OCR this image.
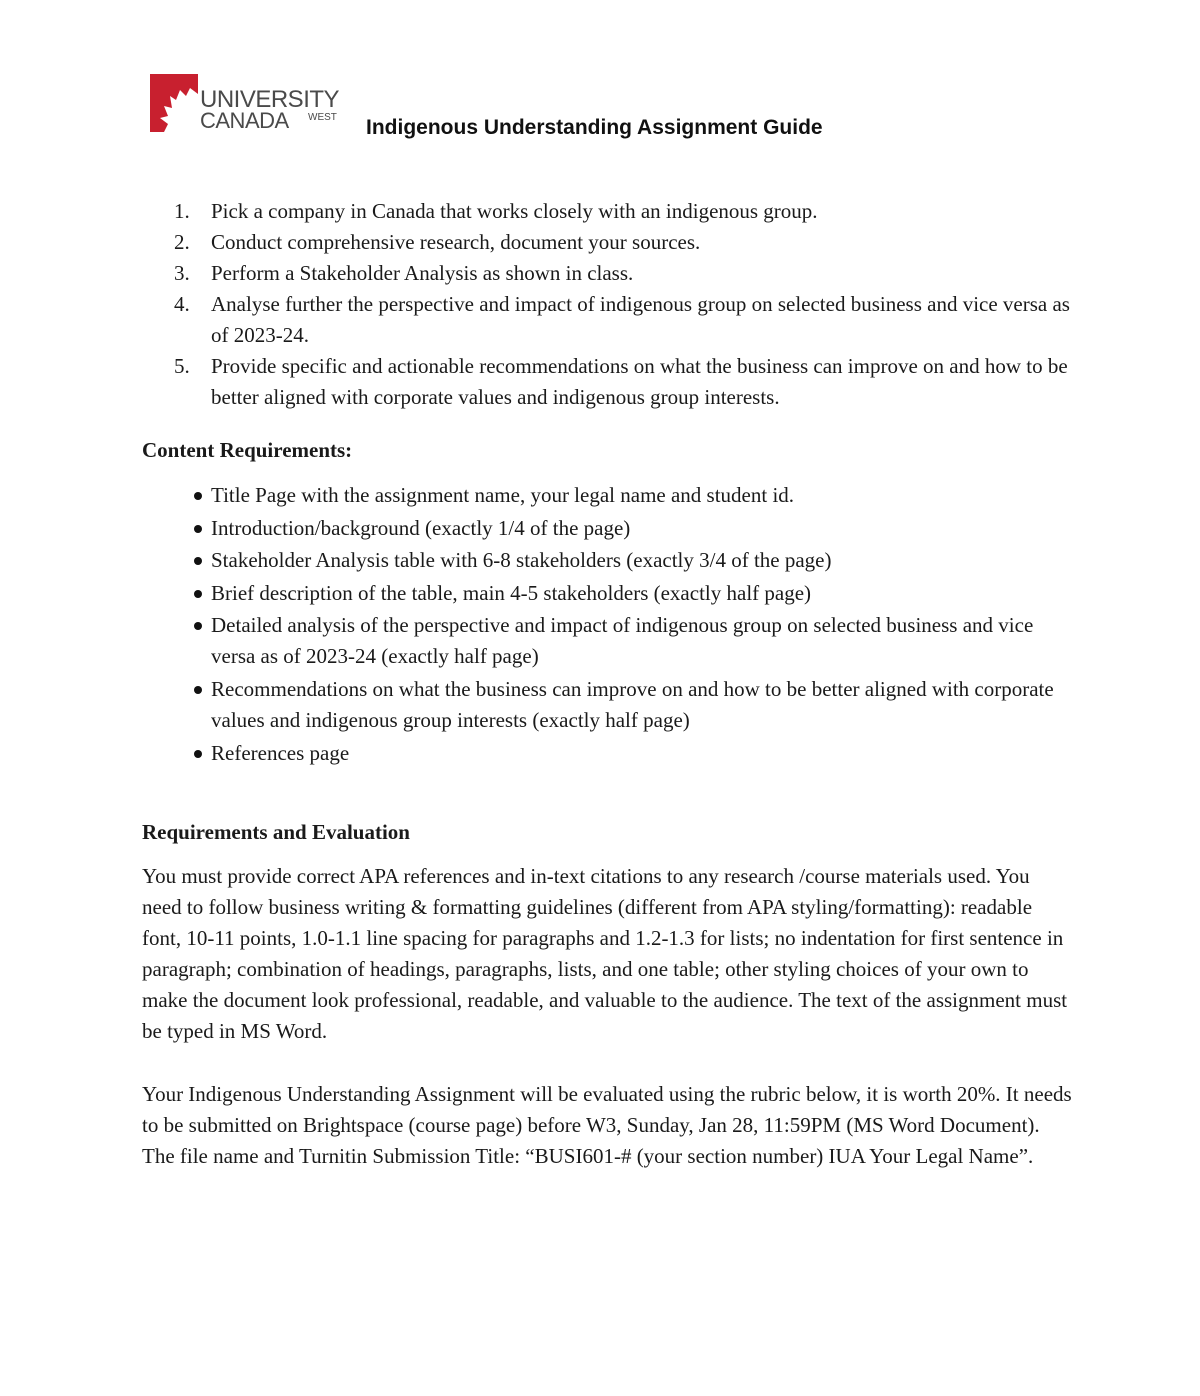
UNIVERSITY
CANADA WEST Indigenous Understanding Assignment Guide
1. Pick a company in Canada that works closely with an indigenous group.
2. Conduct comprehensive research, document your sources.
3. Perform a Stakeholder Analysis as shown in class.
4. Analyse further the perspective and impact of indigenous group on selected business and vice versa as of 2023-24.
5. Provide specific and actionable recommendations on what the business can improve on and how to be better aligned with corporate values and indigenous group interests.
Content Requirements:
Title Page with the assignment name, your legal name and student id.
Introduction/background (exactly 1/4 of the page)
Stakeholder Analysis table with 6-8 stakeholders (exactly 3/4 of the page)
Brief description of the table, main 4-5 stakeholders (exactly half page)
Detailed analysis of the perspective and impact of indigenous group on selected business and vice versa as of 2023-24 (exactly half page)
Recommendations on what the business can improve on and how to be better aligned with corporate values and indigenous group interests (exactly half page)
References page
Requirements and Evaluation

You must provide correct APA references and in-text citations to any research /course materials used. You need to follow business writing & formatting guidelines (different from APA styling/formatting): readable font, 10-11 points, 1.0-1.1 line spacing for paragraphs and 1.2-1.3 for lists; no indentation for first sentence in paragraph; combination of headings, paragraphs, lists, and one table; other styling choices of your own to make the document look professional, readable, and valuable to the audience. The text of the assignment must be typed in MS Word.

Your Indigenous Understanding Assignment will be evaluated using the rubric below, it is worth 20%. It needs to be submitted on Brightspace (course page) before W3, Sunday, Jan 28, 11:59PM (MS Word Document). The file name and Turnitin Submission Title: “BUSI601-# (your section number) IUA Your Legal Name”.
